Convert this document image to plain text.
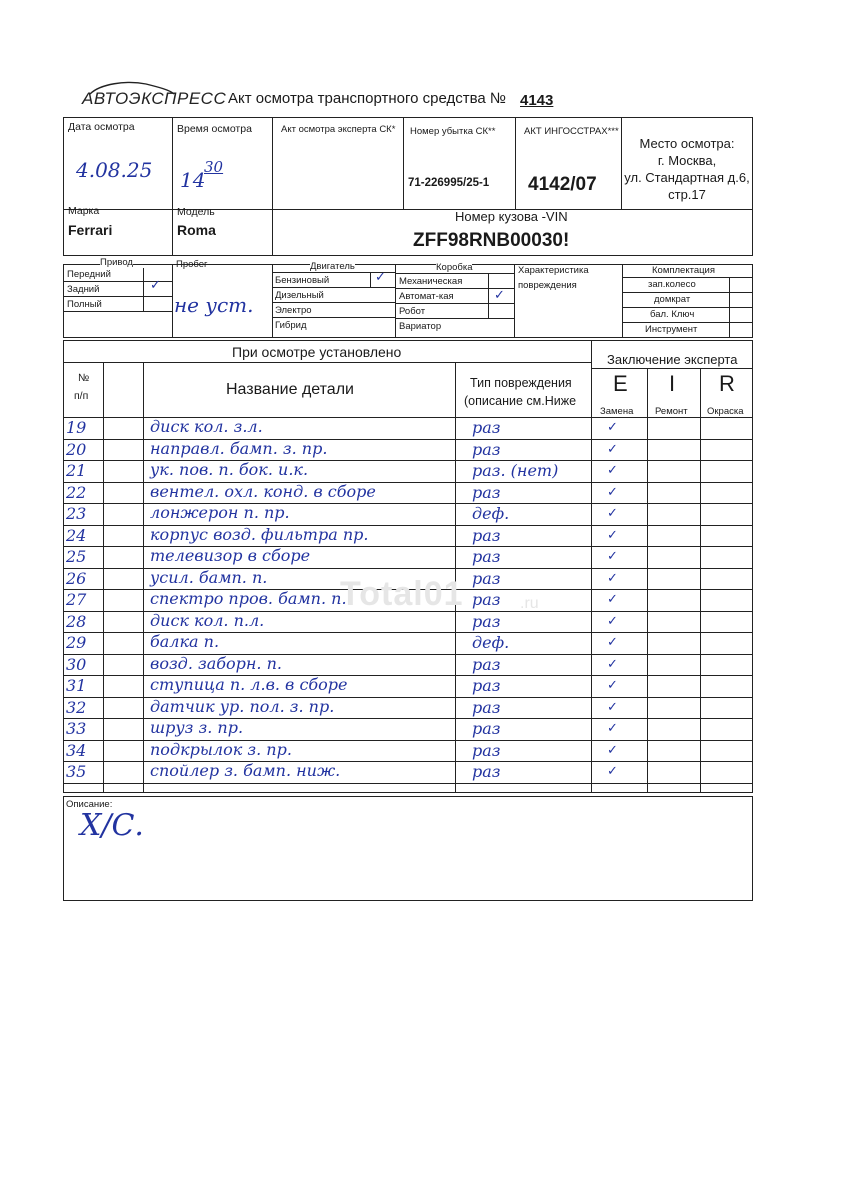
АВТОЭКСПРЕСС Акт осмотра транспортного средства № 4143
Дата осмотра
4.08.25
Время осмотра
14
30
Акт осмотра эксперта СК* Номер убытка СК**
71-226995/25-1
АКТ ИНГОССТРАХ***
4142/07
Место осмотра:
г. Москва,
ул. Стандартная д.6,
стр.17
Марка
Ferrari
Модель
Roma
Номер кузова -VIN
ZFF98RNB00030!
Привод
Передний
Задний	✓
Полный
Пробег
не уст.
Двигатель
Бензиновый	✓
Дизельный
Электро
Гибрид
Коробка
Механическая
Автомат-кая	✓
Робот
Вариатор
Характеристика
повреждения
Комплектация
зап.колесо
домкрат
бал. Ключ
Инструмент
При осмотре установлено	Заключение эксперта
№
п/п	Название детали	Тип повреждения
(описание см.Ниже
E I R
Замена Ремонт Окраска
19	диск кол. з.л.	раз	✓
20	направл. бамп. з. пр.	раз	✓
21	ук. пов. п. бок. и.к.	раз. (нет)	✓
22	вентел. охл. конд. в сборе	раз	✓
23	лонжерон п. пр.	деф.	✓
24	корпус возд. фильтра пр.	раз	✓
25	телевизор в сборе	раз	✓
26	усил. бамп. п.	раз	✓
27	спектро пров. бамп. п.	раз	✓
28	диск кол. п.л.	раз	✓
29	балка п.	деф.	✓
30	возд. заборн. п.	раз	✓
31	ступица п. л.в. в сборе	раз	✓
32	датчик ур. пол. з. пр.	раз	✓
33	шруз з. пр.	раз	✓
34	подкрылок з. пр.	раз	✓
35	спойлер з. бамп. ниж.	раз	✓
Total01	.ru
Описание:
Х/С.
